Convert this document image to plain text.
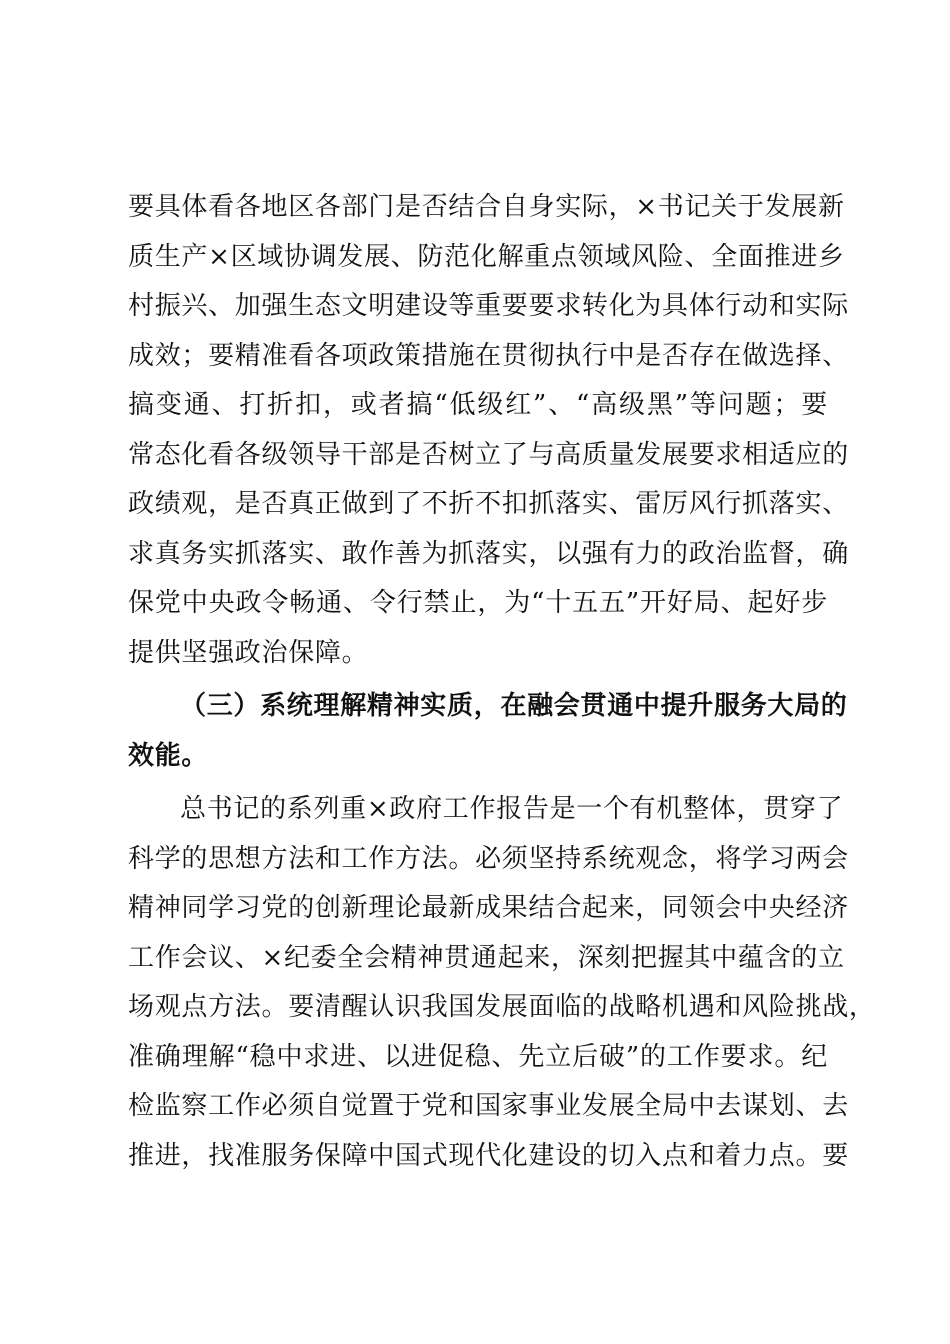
要具体看各地区各部门是否结合自身实际，×书记关于发展新
质生产×区域协调发展、防范化解重点领域风险、全面推进乡
村振兴、加强生态文明建设等重要要求转化为具体行动和实际
成效；要精准看各项政策措施在贯彻执行中是否存在做选择、
搞变通、打折扣，或者搞“低级红”、“高级黑”等问题；要
常态化看各级领导干部是否树立了与高质量发展要求相适应的
政绩观，是否真正做到了不折不扣抓落实、雷厉风行抓落实、
求真务实抓落实、敢作善为抓落实，以强有力的政治监督，确
保党中央政令畅通、令行禁止，为“十五五”开好局、起好步
提供坚强政治保障。
（三）系统理解精神实质，在融会贯通中提升服务大局的
效能。
总书记的系列重×政府工作报告是一个有机整体，贯穿了
科学的思想方法和工作方法。必须坚持系统观念，将学习两会
精神同学习党的创新理论最新成果结合起来，同领会中央经济
工作会议、×纪委全会精神贯通起来，深刻把握其中蕴含的立
场观点方法。要清醒认识我国发展面临的战略机遇和风险挑战，
准确理解“稳中求进、以进促稳、先立后破”的工作要求。纪
检监察工作必须自觉置于党和国家事业发展全局中去谋划、去
推进，找准服务保障中国式现代化建设的切入点和着力点。要
